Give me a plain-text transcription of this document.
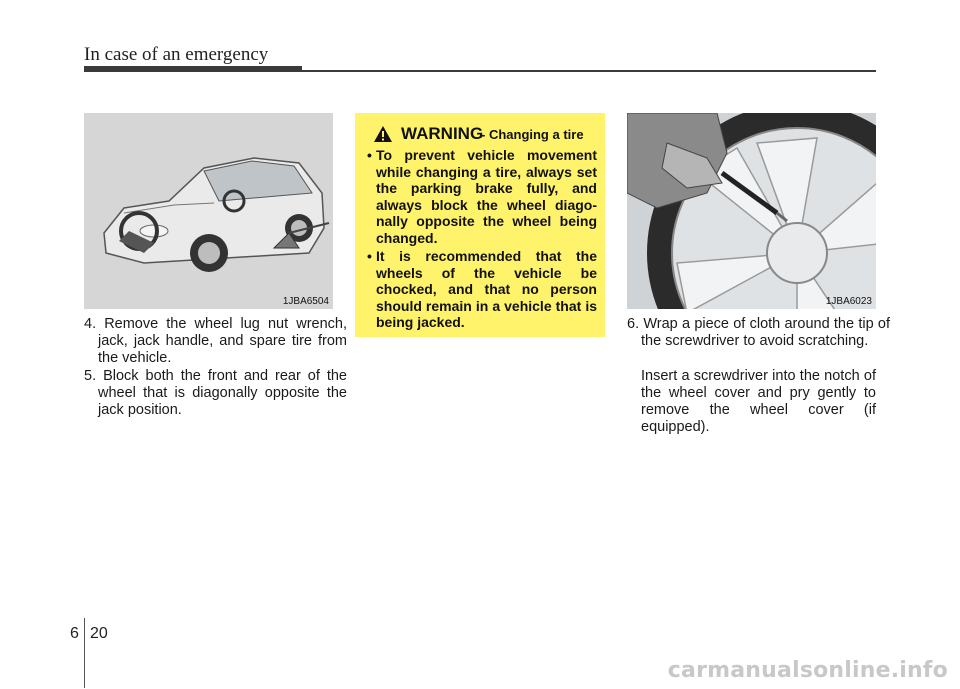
In case of an emergency
1JBA6504

4. Remove the wheel lug nut wrench, jack, jack handle, and spare tire from the vehicle.

5. Block both the front and rear of the wheel that is diagonally opposite the jack position.

WARNING
- Changing a tire
• To prevent vehicle movement while changing a tire, always set the parking brake fully, and always block the wheel diago-nally opposite the wheel being changed.
• It is recommended that the wheels of the vehicle be chocked, and that no person should remain in a vehicle that is being jacked.
1JBA6023

6. Wrap a piece of cloth around the tip of the screwdriver to avoid scratching.

Insert a screwdriver into the notch of the wheel cover and pry gently to remove the wheel cover (if equipped).

6 20
carmanualsonline.info
